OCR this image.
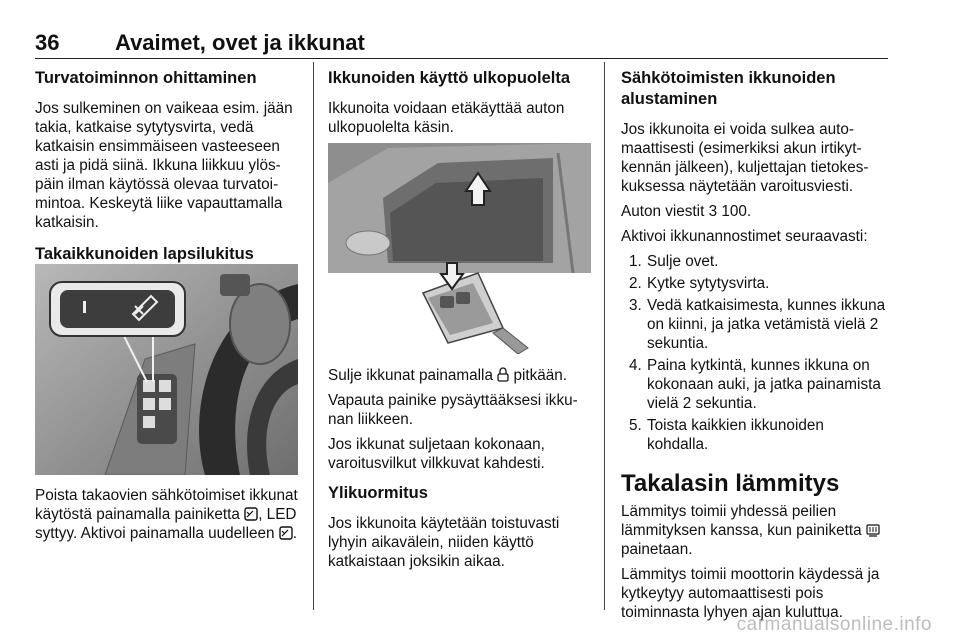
36	Avaimet, ovet ja ikkunat

Turvatoiminnon ohittaminen

Jos sulkeminen on vaikeaa esim. jään takia, katkaise sytytysvirta, vedä katkaisin ensimmäiseen vasteeseen asti ja pidä siinä. Ikkuna liikkuu ylöspäin ilman käytössä olevaa turvatoimintoa. Keskeytä liike vapauttamalla katkaisin.

Takaikkunoiden lapsilukitus

Poista takaovien sähkötoimiset ikkunat käytöstä painamalla painiketta , LED syttyy. Aktivoi painamalla uudelleen .

Ikkunoiden käyttö ulkopuolelta

Ikkunoita voidaan etäkäyttää auton ulkopuolelta käsin.

Sulje ikkunat painamalla  pitkään.

Vapauta painike pysäyttääksesi ikkunan liikkeen.

Jos ikkunat suljetaan kokonaan, varoitusvilkut vilkkuvat kahdesti.

Ylikuormitus

Jos ikkunoita käytetään toistuvasti lyhyin aikavälein, niiden käyttö katkaistaan joksikin aikaa.

Sähkötoimisten ikkunoiden alustaminen

Jos ikkunoita ei voida sulkea automaattisesti (esimerkiksi akun irtikytkennän jälkeen), kuljettajan tietokeskuksessa näytetään varoitusviesti.

Auton viestit 3 100.

Aktivoi ikkunannostimet seuraavasti:

1. Sulje ovet.
2. Kytke sytytysvirta.
3. Vedä katkaisimesta, kunnes ikkuna on kiinni, ja jatka vetämistä vielä 2 sekuntia.
4. Paina kytkintä, kunnes ikkuna on kokonaan auki, ja jatka painamista vielä 2 sekuntia.
5. Toista kaikkien ikkunoiden kohdalla.

Takalasin lämmitys

Lämmitys toimii yhdessä peilien lämmityksen kanssa, kun painiketta  painetaan.

Lämmitys toimii moottorin käydessä ja kytkeytyy automaattisesti pois toiminnasta lyhyen ajan kuluttua.

carmanualsonline.info
